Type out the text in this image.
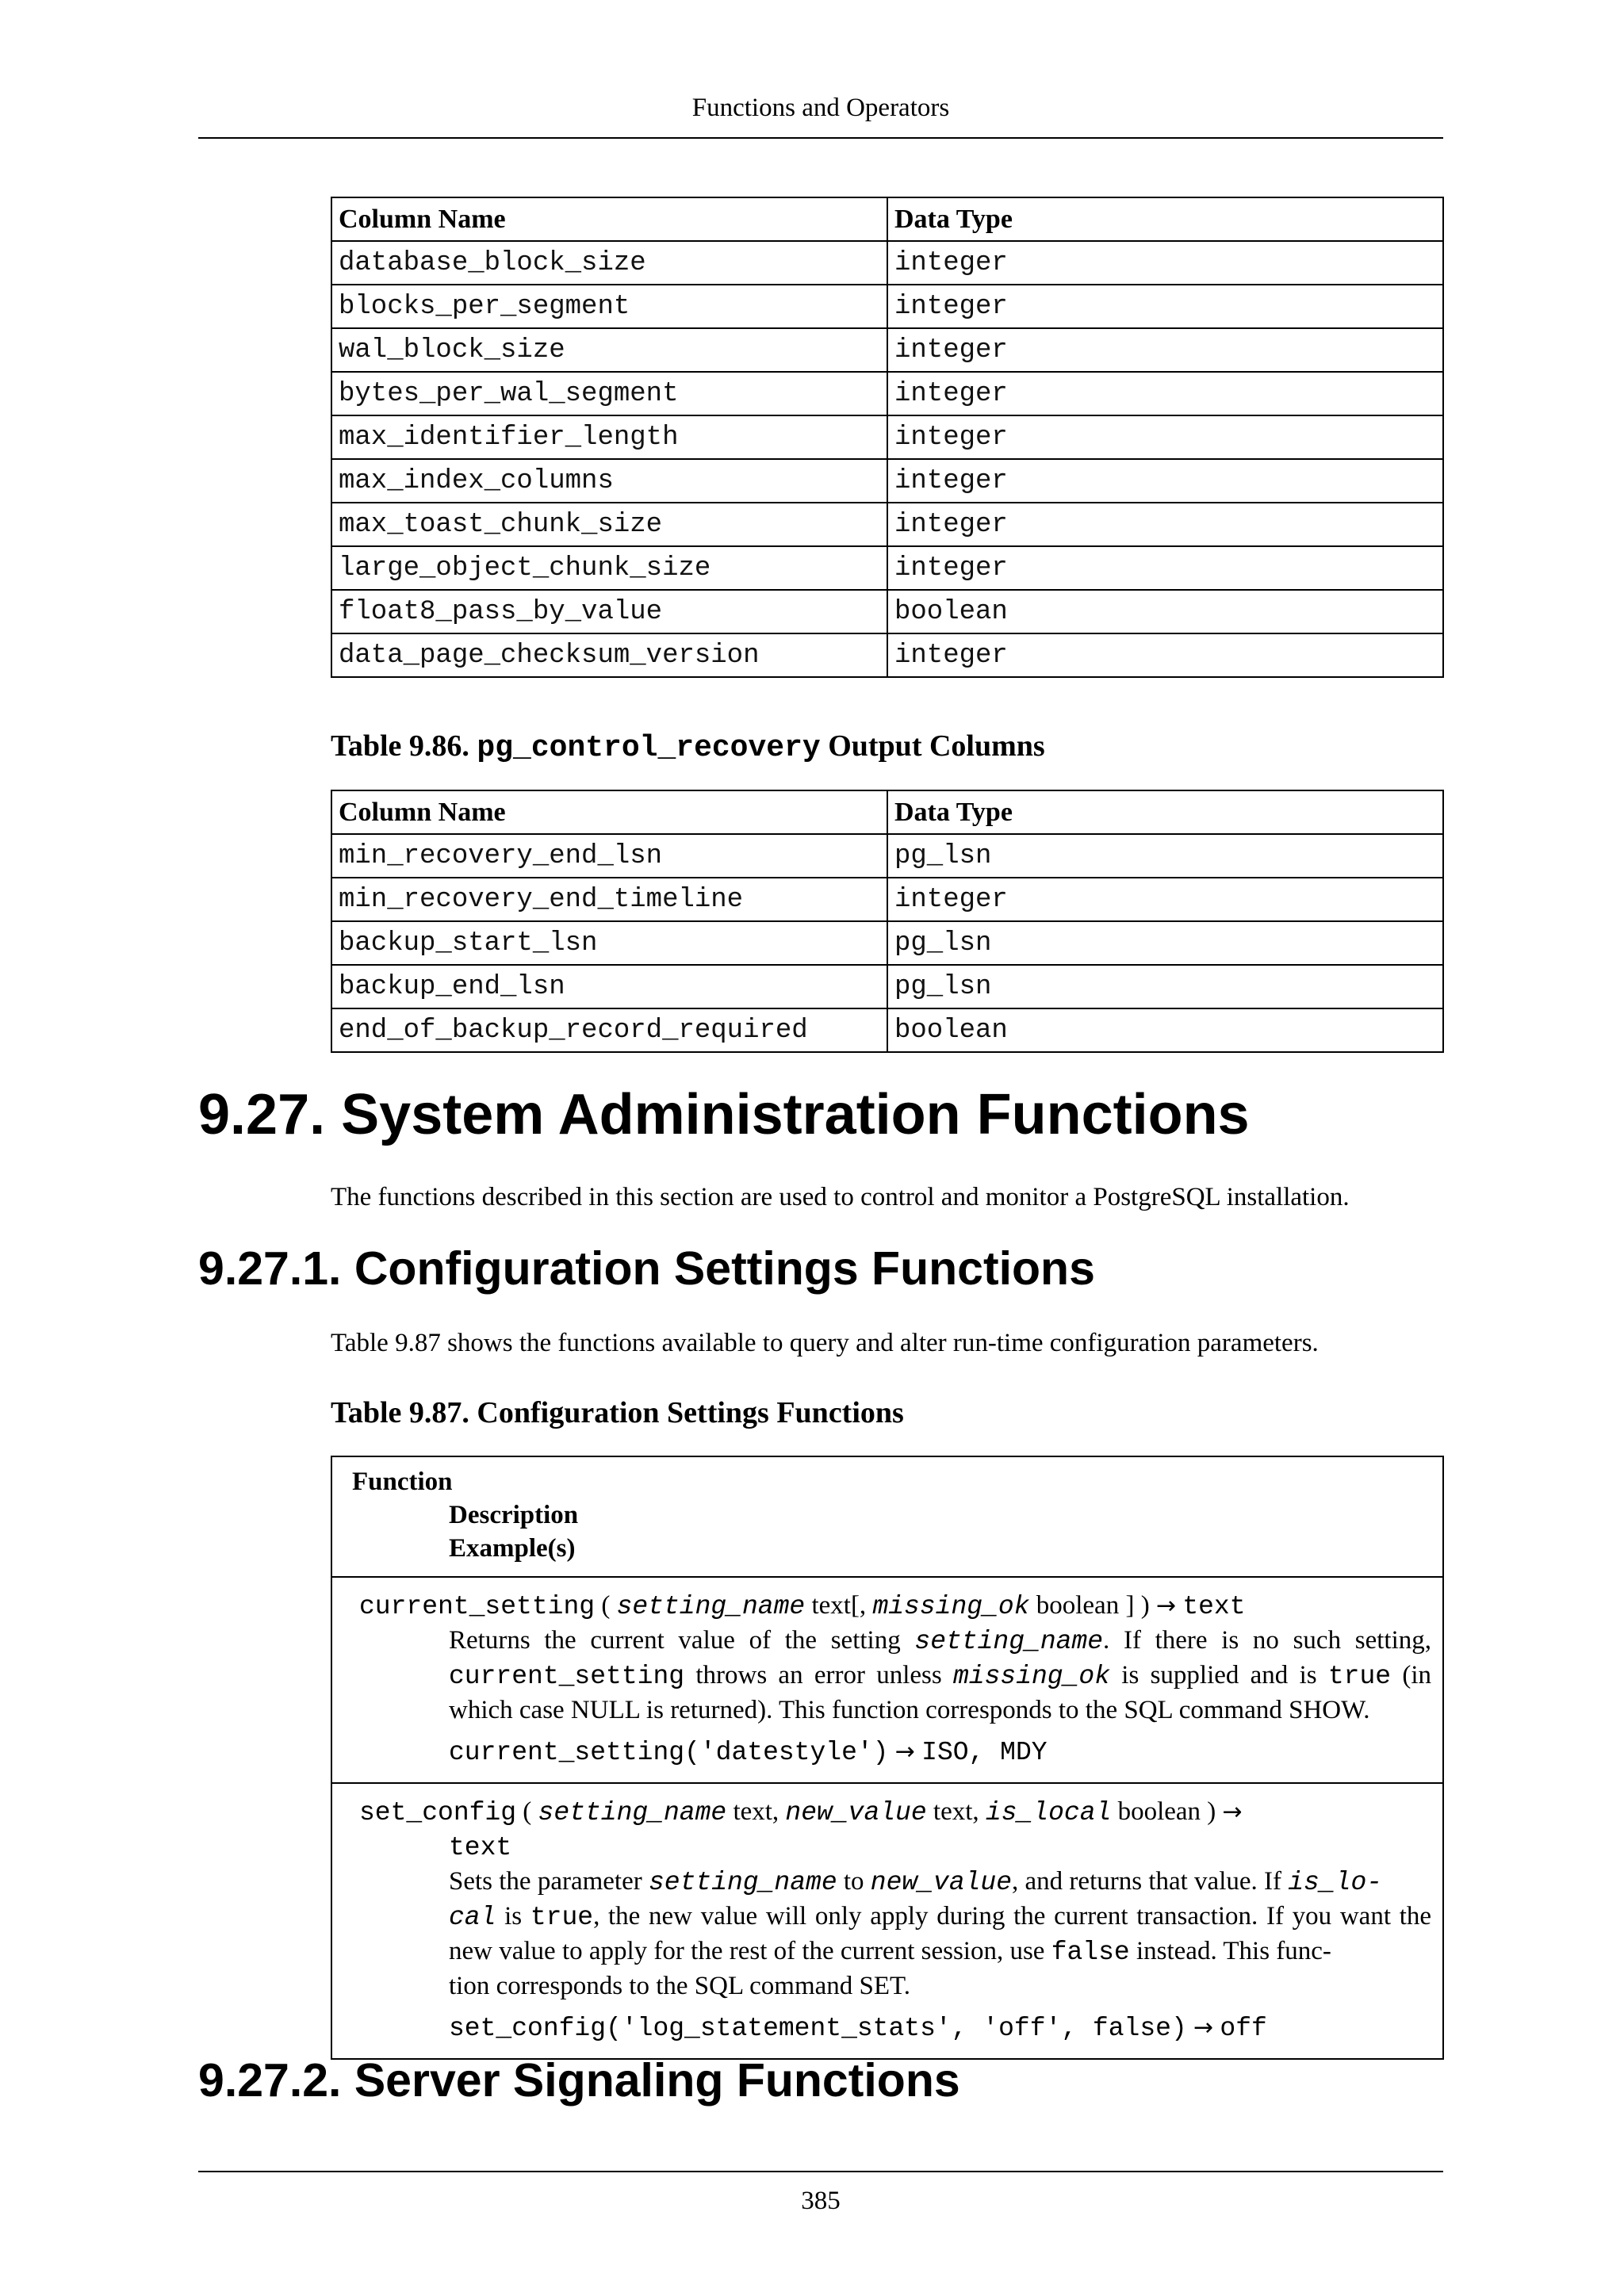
Functions and Operators
Column Name	Data Type
database_block_size	integer
blocks_per_segment	integer
wal_block_size	integer
bytes_per_wal_segment	integer
max_identifier_length	integer
max_index_columns	integer
max_toast_chunk_size	integer
large_object_chunk_size	integer
float8_pass_by_value	boolean
data_page_checksum_version	integer
Table 9.86. pg_control_recovery Output Columns
Column Name	Data Type
min_recovery_end_lsn	pg_lsn
min_recovery_end_timeline	integer
backup_start_lsn	pg_lsn
backup_end_lsn	pg_lsn
end_of_backup_record_required	boolean
9.27. System Administration Functions
The functions described in this section are used to control and monitor a PostgreSQL installation.
9.27.1. Configuration Settings Functions
Table 9.87 shows the functions available to query and alter run-time configuration parameters.
Table 9.87. Configuration Settings Functions
Function
Description
Example(s)
current_setting ( setting_name text[, missing_ok boolean ] ) → text
Returns the current value of the setting setting_name. If there is no such setting, current_setting throws an error unless missing_ok is supplied and is true (in which case NULL is returned). This function corresponds to the SQL command SHOW.
current_setting('datestyle') → ISO, MDY
set_config ( setting_name text, new_value text, is_local boolean ) →
text
Sets the parameter setting_name to new_value, and returns that value. If is_lo-
cal is true, the new value will only apply during the current transaction. If you want the new value to apply for the rest of the current session, use false instead. This func-
tion corresponds to the SQL command SET.
set_config('log_statement_stats', 'off', false) → off
9.27.2. Server Signaling Functions
385
